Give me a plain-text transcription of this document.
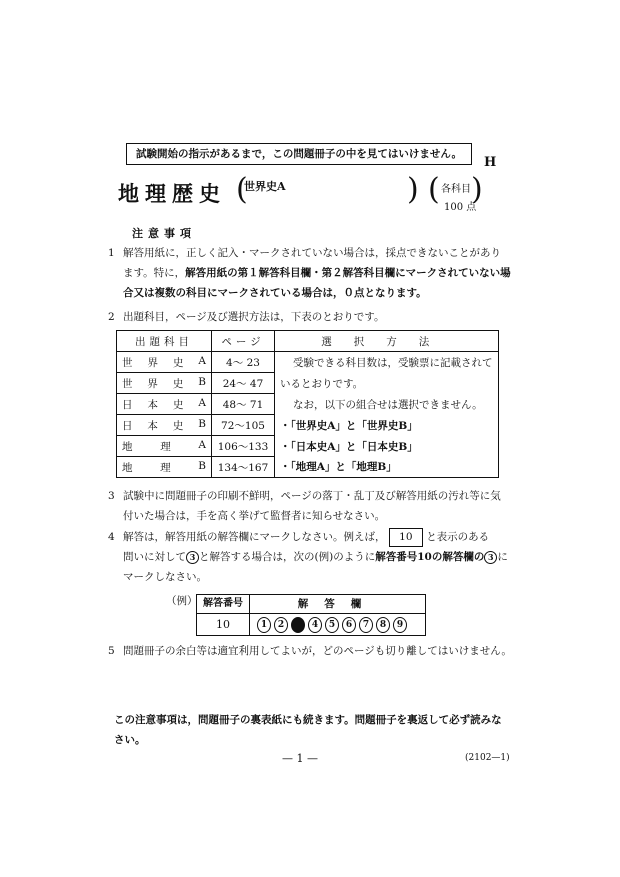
試験開始の指示があるまで，この問題冊子の中を見てはいけません。
H
地理歴史 (
世界史A	) ( 各科目
100 点
)
注意事項
1 解答用紙に，正しく記入・マークされていない場合は，採点できないことがあり
ます。特に，解答用紙の第１解答科目欄・第２解答科目欄にマークされていない場
合又は複数の科目にマークされている場合は，０点となります。
2 出題科目，ページ及び選択方法は，下表のとおりです。
出題科目	ページ	選択方法

世 界 史 A	4〜 23	受験できる科目数は，受験票に記載されて

世 界 史 B	24〜 47	いるとおりです。

日 本 史 A	48〜 71	なお，以下の組合せは選択できません。

日 本 史 B	72〜105	・「世界史A」と「世界史B」

地 理 A	106〜133	・「日本史A」と「日本史B」

地 理 B	134〜167	・「地理A」と「地理B」
3 試験中に問題冊子の印刷不鮮明，ページの落丁・乱丁及び解答用紙の汚れ等に気
付いた場合は，手を高く挙げて監督者に知らせなさい。
4 解答は，解答用紙の解答欄にマークしなさい。例えば， 10 と表示のある
問いに対して 3 と解答する場合は，次の(例)のように解答番号10の解答欄の 3 に
マークしなさい。
（例） 解答番号	解答欄
10	1	2	4	5	6	7	8	9
5 問題冊子の余白等は適宜利用してよいが，どのページも切り離してはいけません。
この注意事項は，問題冊子の裏表紙にも続きます。問題冊子を裏返して必ず読みな
さい。
— 1 —	(2102—1)
